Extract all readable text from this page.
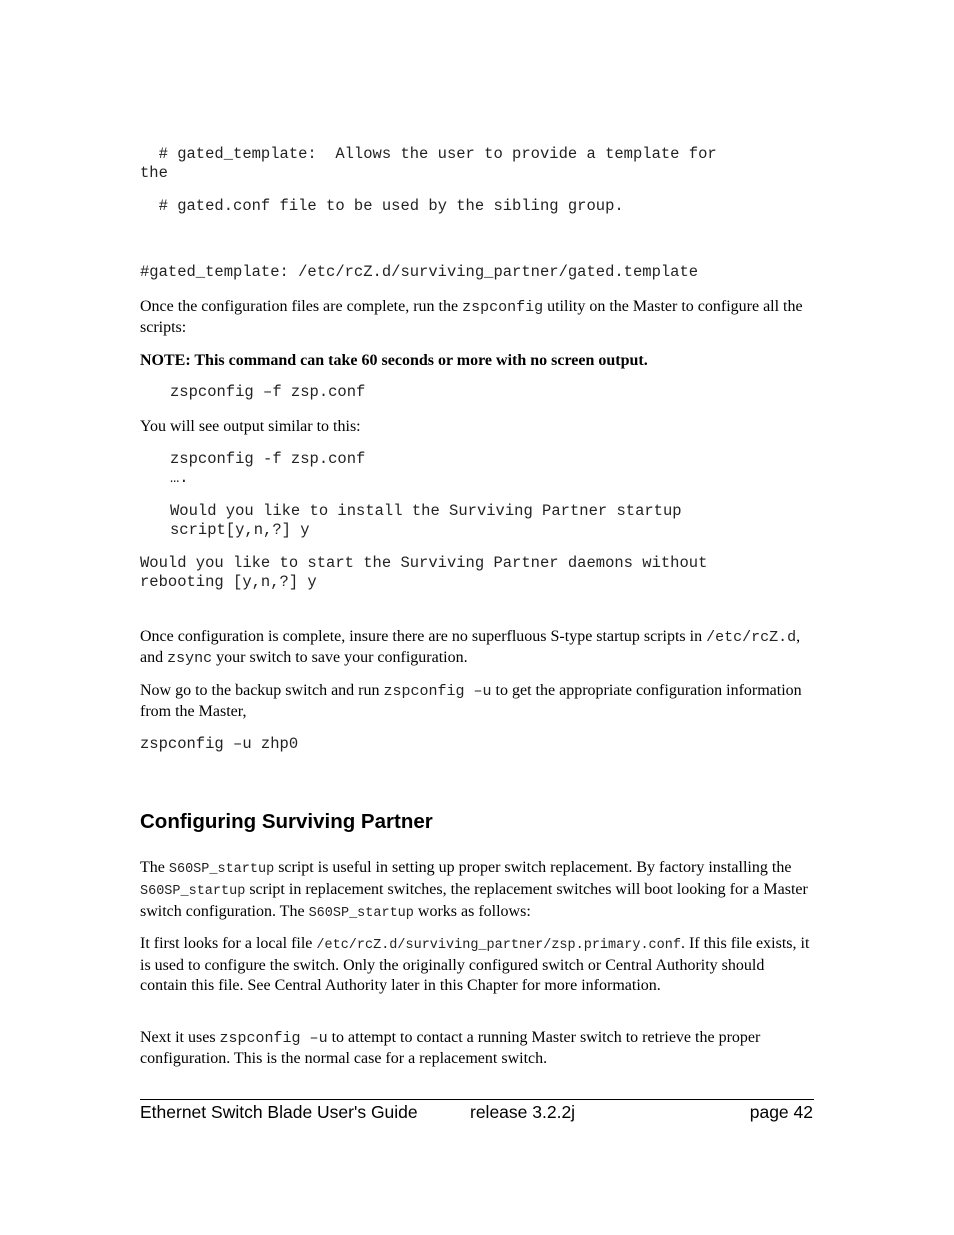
# gated_template:  Allows the user to provide a template for
the
# gated.conf file to be used by the sibling group.
#gated_template: /etc/rcZ.d/surviving_partner/gated.template

Once the configuration files are complete, run the zspconfig utility on the Master to configure all the scripts:

NOTE: This command can take 60 seconds or more with no screen output.

zspconfig –f zsp.conf

You will see output similar to this:

zspconfig -f zsp.conf
….
Would you like to install the Surviving Partner startup
script[y,n,?] y
Would you like to start the Surviving Partner daemons without
rebooting [y,n,?] y

Once configuration is complete, insure there are no superfluous S-type startup scripts in /etc/rcZ.d, and zsync your switch to save your configuration.

Now go to the backup switch and run zspconfig –u to get the appropriate configuration information from the Master,

zspconfig –u zhp0
Configuring Surviving Partner

The S60SP_startup script is useful in setting up proper switch replacement. By factory installing the S60SP_startup script in replacement switches, the replacement switches will boot looking for a Master switch configuration. The S60SP_startup works as follows:

It first looks for a local file /etc/rcZ.d/surviving_partner/zsp.primary.conf. If this file exists, it is used to configure the switch. Only the originally configured switch or Central Authority should contain this file. See Central Authority later in this Chapter for more information.

Next it uses zspconfig –u to attempt to contact a running Master switch to retrieve the proper configuration. This is the normal case for a replacement switch.

Ethernet Switch Blade User's Guide	release 3.2.2j	page 42
